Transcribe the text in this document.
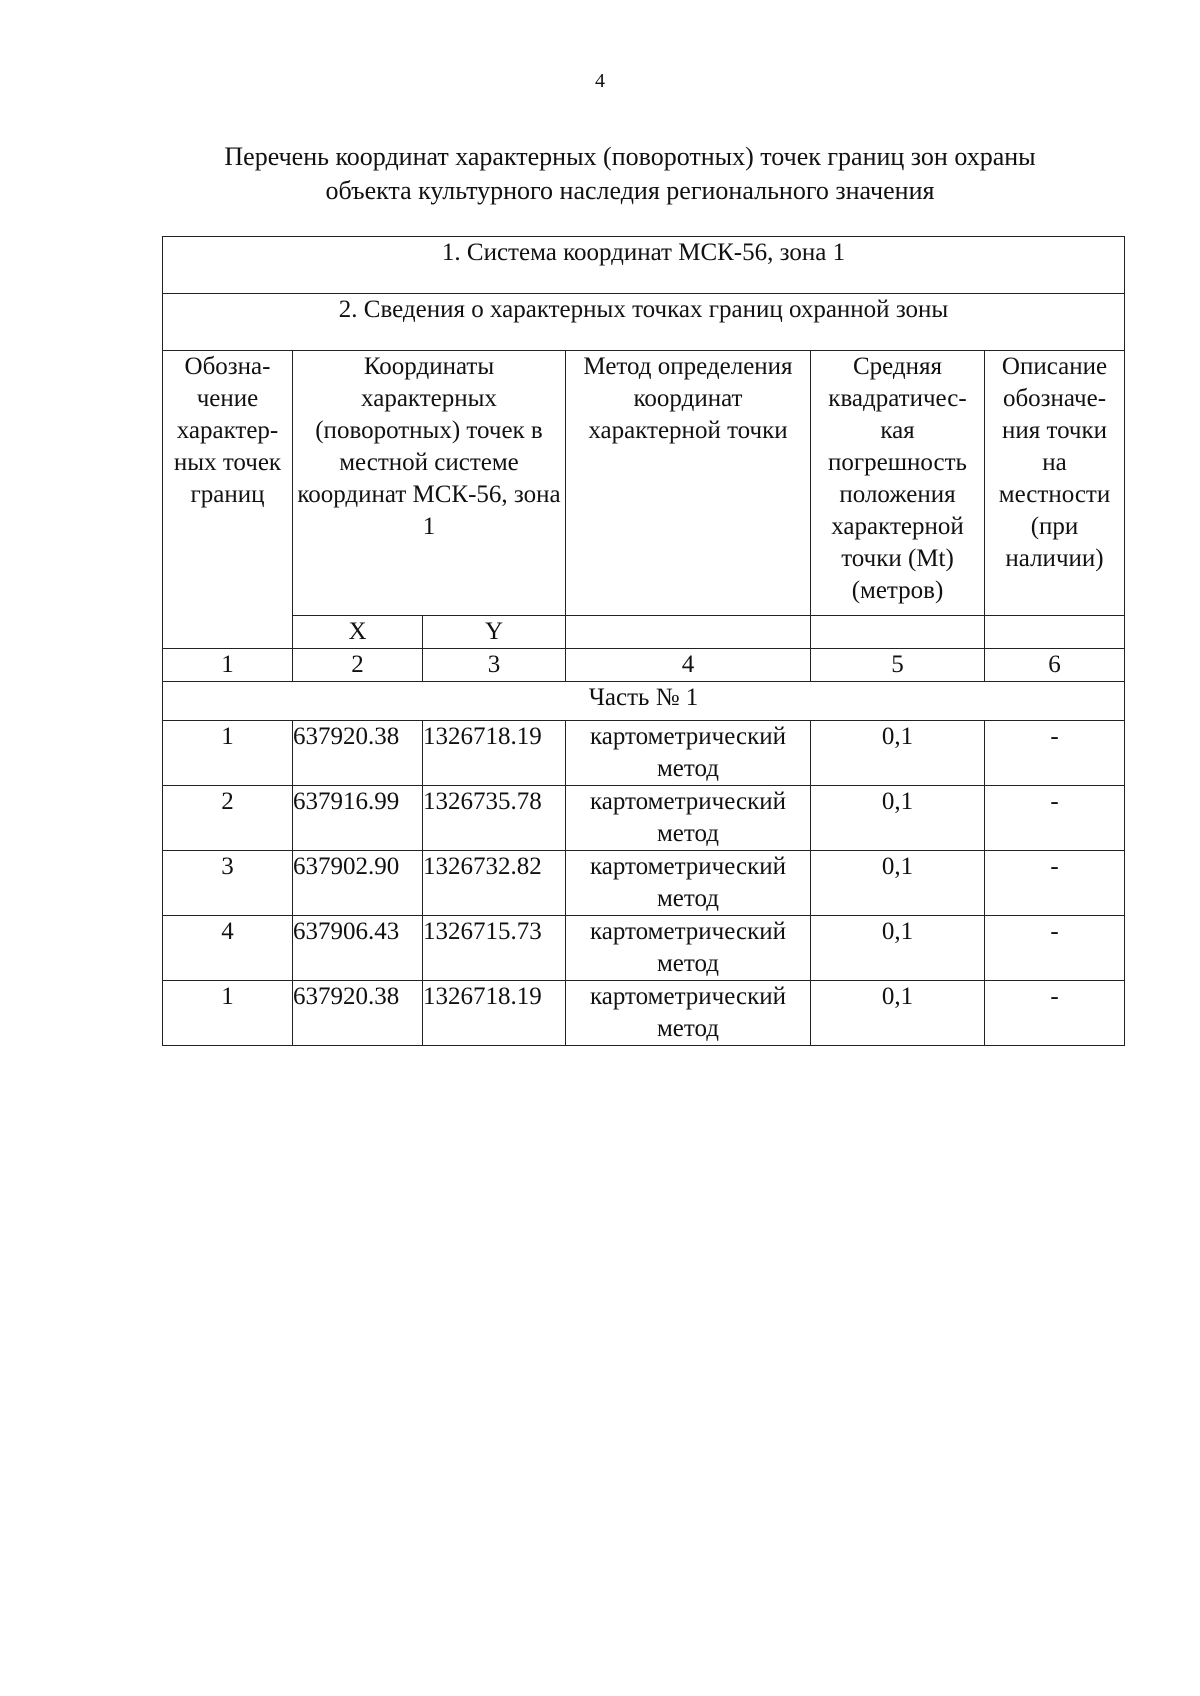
4
Перечень координат характерных (поворотных) точек границ зон охраны
объекта культурного наследия регионального значения
1. Система координат МСК-56, зона 1					
2. Сведения о характерных точках границ охранной зоны					
Обозна-чение характер-ных точек границ	Координаты характерных (поворотных) точек в местной системе координат МСК-56, зона 1		Метод определения координат характерной точки	Средняя квадратичес-кая погрешность положения характерной точки (Mt) (метров)	Описание обозначе-ния точки на местности (при наличии)
	X	Y			
1	2	3	4	5	6
Часть № 1					
1	637920.38	1326718.19	картометрический метод	0,1	-
2	637916.99	1326735.78	картометрический метод	0,1	-
3	637902.90	1326732.82	картометрический метод	0,1	-
4	637906.43	1326715.73	картометрический метод	0,1	-
1	637920.38	1326718.19	картометрический метод	0,1	-
